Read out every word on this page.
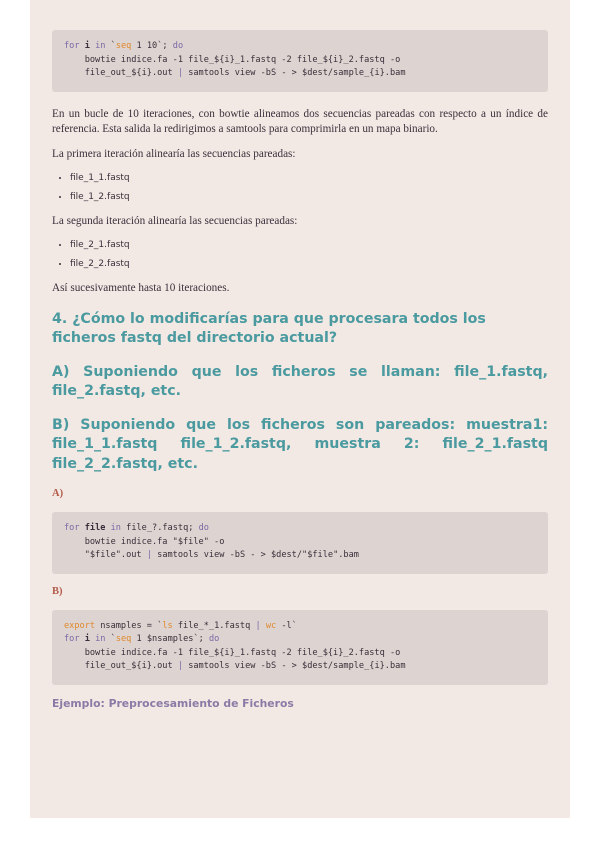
for i in `seq 1 10`; do
bowtie indice.fa -1 file_${i}_1.fastq -2 file_${i}_2.fastq -o
file_out_${i}.out | samtools view -bS - > $dest/sample_{i}.bam

En un bucle de 10 iteraciones, con bowtie alineamos dos secuencias pareadas con respecto a un índice de referencia. Esta salida la redirigimos a samtools para comprimirla en un mapa binario.

La primera iteración alinearía las secuencias pareadas:

• file_1_1.fastq
• file_1_2.fastq

La segunda iteración alinearía las secuencias pareadas:

• file_2_1.fastq
• file_2_2.fastq

Así sucesivamente hasta 10 iteraciones.

4. ¿Cómo lo modificarías para que procesara todos los ficheros fastq del directorio actual?
A) Suponiendo que los ficheros se llaman: file_1.fastq, file_2.fastq, etc.
B) Suponiendo que los ficheros son pareados: muestra1: file_1_1.fastq file_1_2.fastq, muestra 2: file_2_1.fastq file_2_2.fastq, etc.
A)
for file in file_?.fastq; do
bowtie indice.fa "$file" -o
"$file".out | samtools view -bS - > $dest/"$file".bam
B)
export nsamples = `ls file_*_1.fastq | wc -l`
for i in `seq 1 $nsamples`; do
bowtie indice.fa -1 file_${i}_1.fastq -2 file_${i}_2.fastq -o
file_out_${i}.out | samtools view -bS - > $dest/sample_{i}.bam
Ejemplo: Preprocesamiento de Ficheros
